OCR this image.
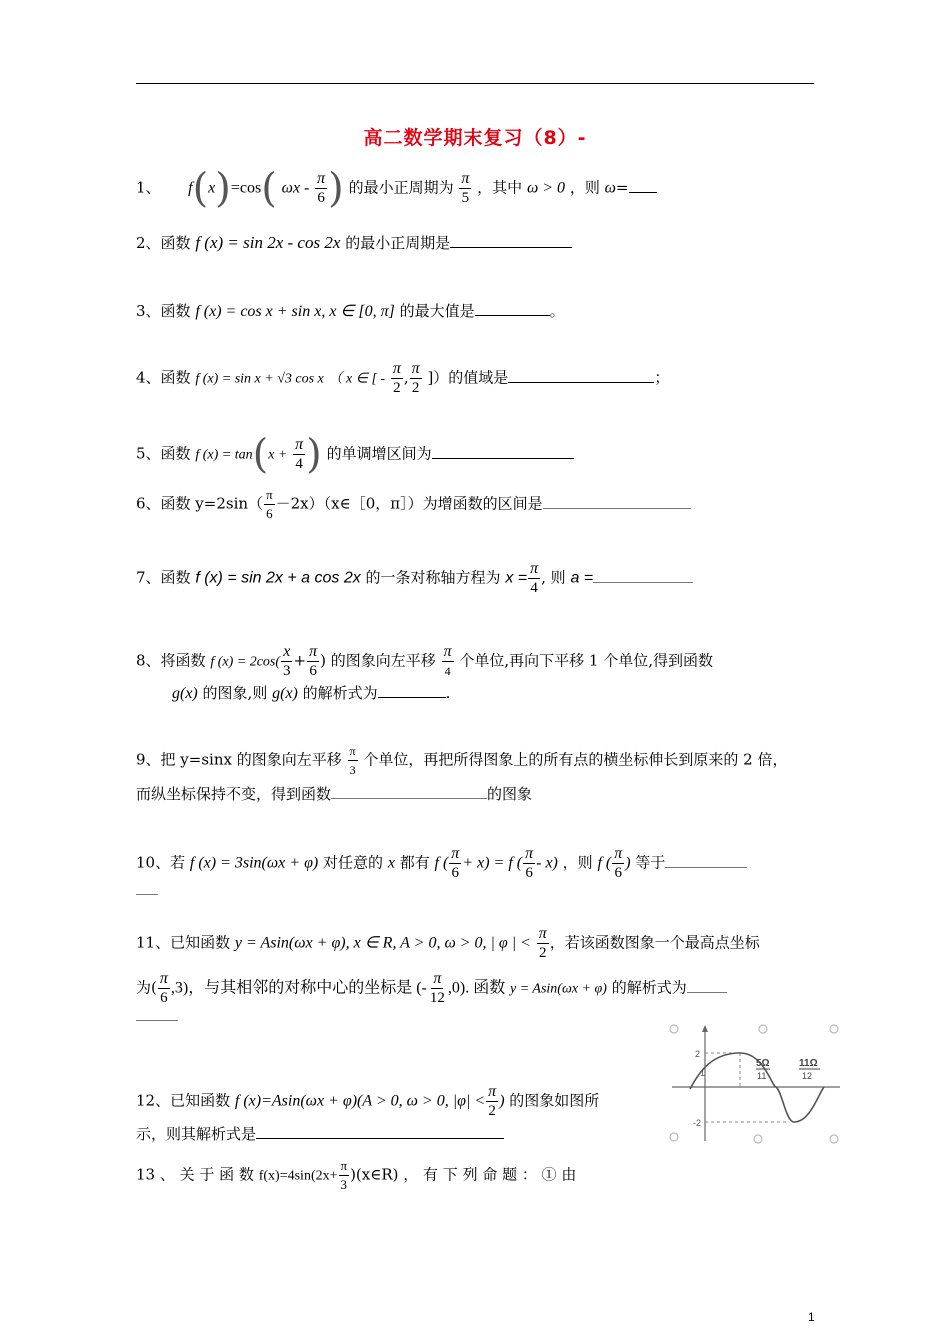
高二数学期末复习（8）-
1、 f(x)=cos( ωx - $\frac{\pi}{6}$ ) 的最小正周期为 $\frac{\pi}{5}$ ，其中 ω > 0 ，则 ω=
2、函数 f (x) = sin 2x - cos 2x 的最小正周期是
3、函数 f (x) = cos x + sin x, x ∈ [0, π] 的最大值是	。
4、函数 f (x) = sin x + √3 cos x （ x ∈ [ - $\frac{\pi}{2}$ , $\frac{\pi}{2}$ ]）的值域是	；
5、函数 f $(x) = \tan(x + \frac{\pi}{4}$ ) 的单调增区间为
6、函数 $y=2\sin( \frac{\pi}{6}$ －2x）（x∈［0，π］）为增函数的区间是
7、函数 f (x) = sin 2x + a cos 2x 的一条对称轴方程为 $x = \frac{\pi}{4}$ , 则 a =
8、将函数 f $(x) = 2\cos( \frac{x}{3} + \frac{\pi}{6}$ ) 的图象向左平移 $\frac{\pi}{4}$ 个单位,再向下平移 1 个单位,得到函数
g(x) 的图象,则 g(x) 的解析式为	.
9、把 y=sinx 的图象向左平移 $\frac{\pi}{3}$ 个单位，再把所得图象上的所有点的横坐标伸长到原来的 2 倍，
而纵坐标保持不变，得到函数	的图象
10、若 f (x) = 3sin(ωx + φ) 对任意的 x 都有 f ( $\frac{\pi}{6} + x) = f$ ( $\frac{\pi}{6} - x$) ，则 f ( $\frac{\pi}{6}$ ) 等于
11、已知函数 y = Asin(ωx + φ), x ∈ R, A > 0, ω > 0, | φ | < $\frac{\pi}{2}$ ，若该函数图象一个最高点坐标
为( $\frac{\pi}{6} ,3$)，与其相邻的对称中心的坐标是 (- $\frac{\pi}{12} ,0$). 函数 y = Asin(ωx + φ) 的解析式为
12、已知函数 f (x)=Asin(ωx + φ)(A > 0, ω > 0, $|\varphi| < \frac{\pi}{2}$ ) 的图象如图所
示，则其解析式是
13 、 关 于 函 数 $f(x)=4\sin(2x+ \frac{\pi}{3}$ )(x∈R) ， 有 下 列 命 题 ： ① 由
2
1
-2
5Ω
11
11Ω
12
1
